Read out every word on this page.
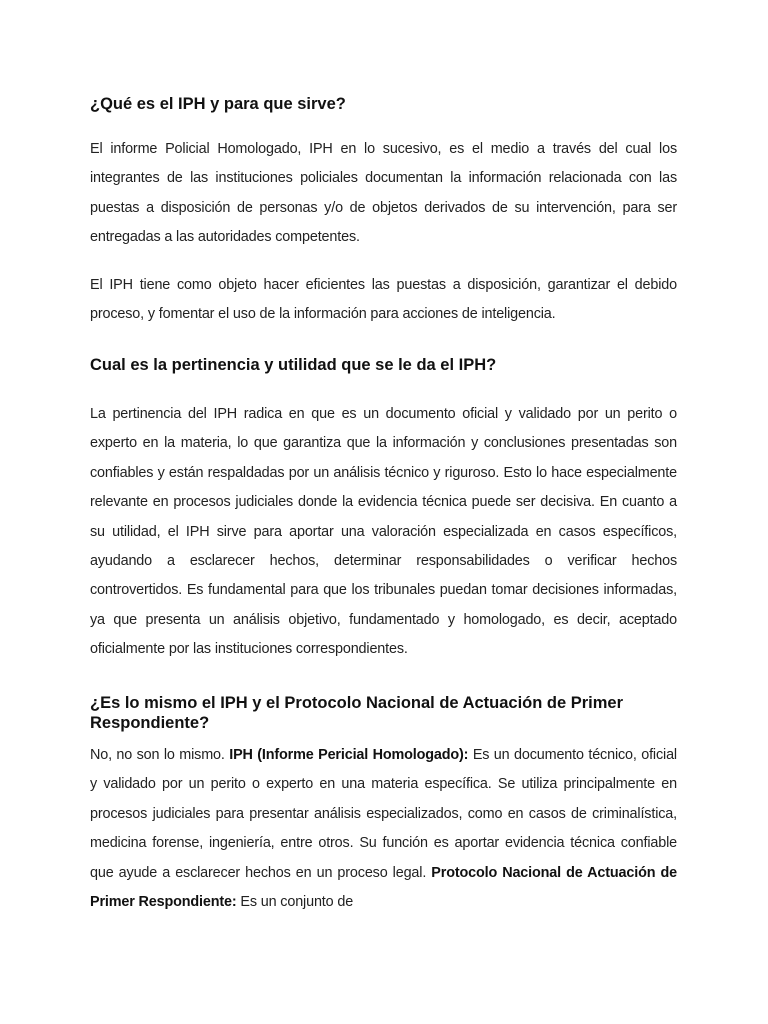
¿Qué es el IPH y para que sirve?

El informe Policial Homologado, IPH en lo sucesivo, es el medio a través del cual los integrantes de las instituciones policiales documentan la información relacionada con las puestas a disposición de personas y/o de objetos derivados de su intervención, para ser entregadas a las autoridades competentes.

El IPH tiene como objeto hacer eficientes las puestas a disposición, garantizar el debido proceso, y fomentar el uso de la información para acciones de inteligencia.

Cual es la pertinencia y utilidad que se le da el IPH?

La pertinencia del IPH radica en que es un documento oficial y validado por un perito o experto en la materia, lo que garantiza que la información y conclusiones presentadas son confiables y están respaldadas por un análisis técnico y riguroso. Esto lo hace especialmente relevante en procesos judiciales donde la evidencia técnica puede ser decisiva. En cuanto a su utilidad, el IPH sirve para aportar una valoración especializada en casos específicos, ayudando a esclarecer hechos, determinar responsabilidades o verificar hechos controvertidos. Es fundamental para que los tribunales puedan tomar decisiones informadas, ya que presenta un análisis objetivo, fundamentado y homologado, es decir, aceptado oficialmente por las instituciones correspondientes.

¿Es lo mismo el IPH y el Protocolo Nacional de Actuación de Primer Respondiente?

No, no son lo mismo. IPH (Informe Pericial Homologado): Es un documento técnico, oficial y validado por un perito o experto en una materia específica. Se utiliza principalmente en procesos judiciales para presentar análisis especializados, como en casos de criminalística, medicina forense, ingeniería, entre otros. Su función es aportar evidencia técnica confiable que ayude a esclarecer hechos en un proceso legal. Protocolo Nacional de Actuación de Primer Respondiente: Es un conjunto de
